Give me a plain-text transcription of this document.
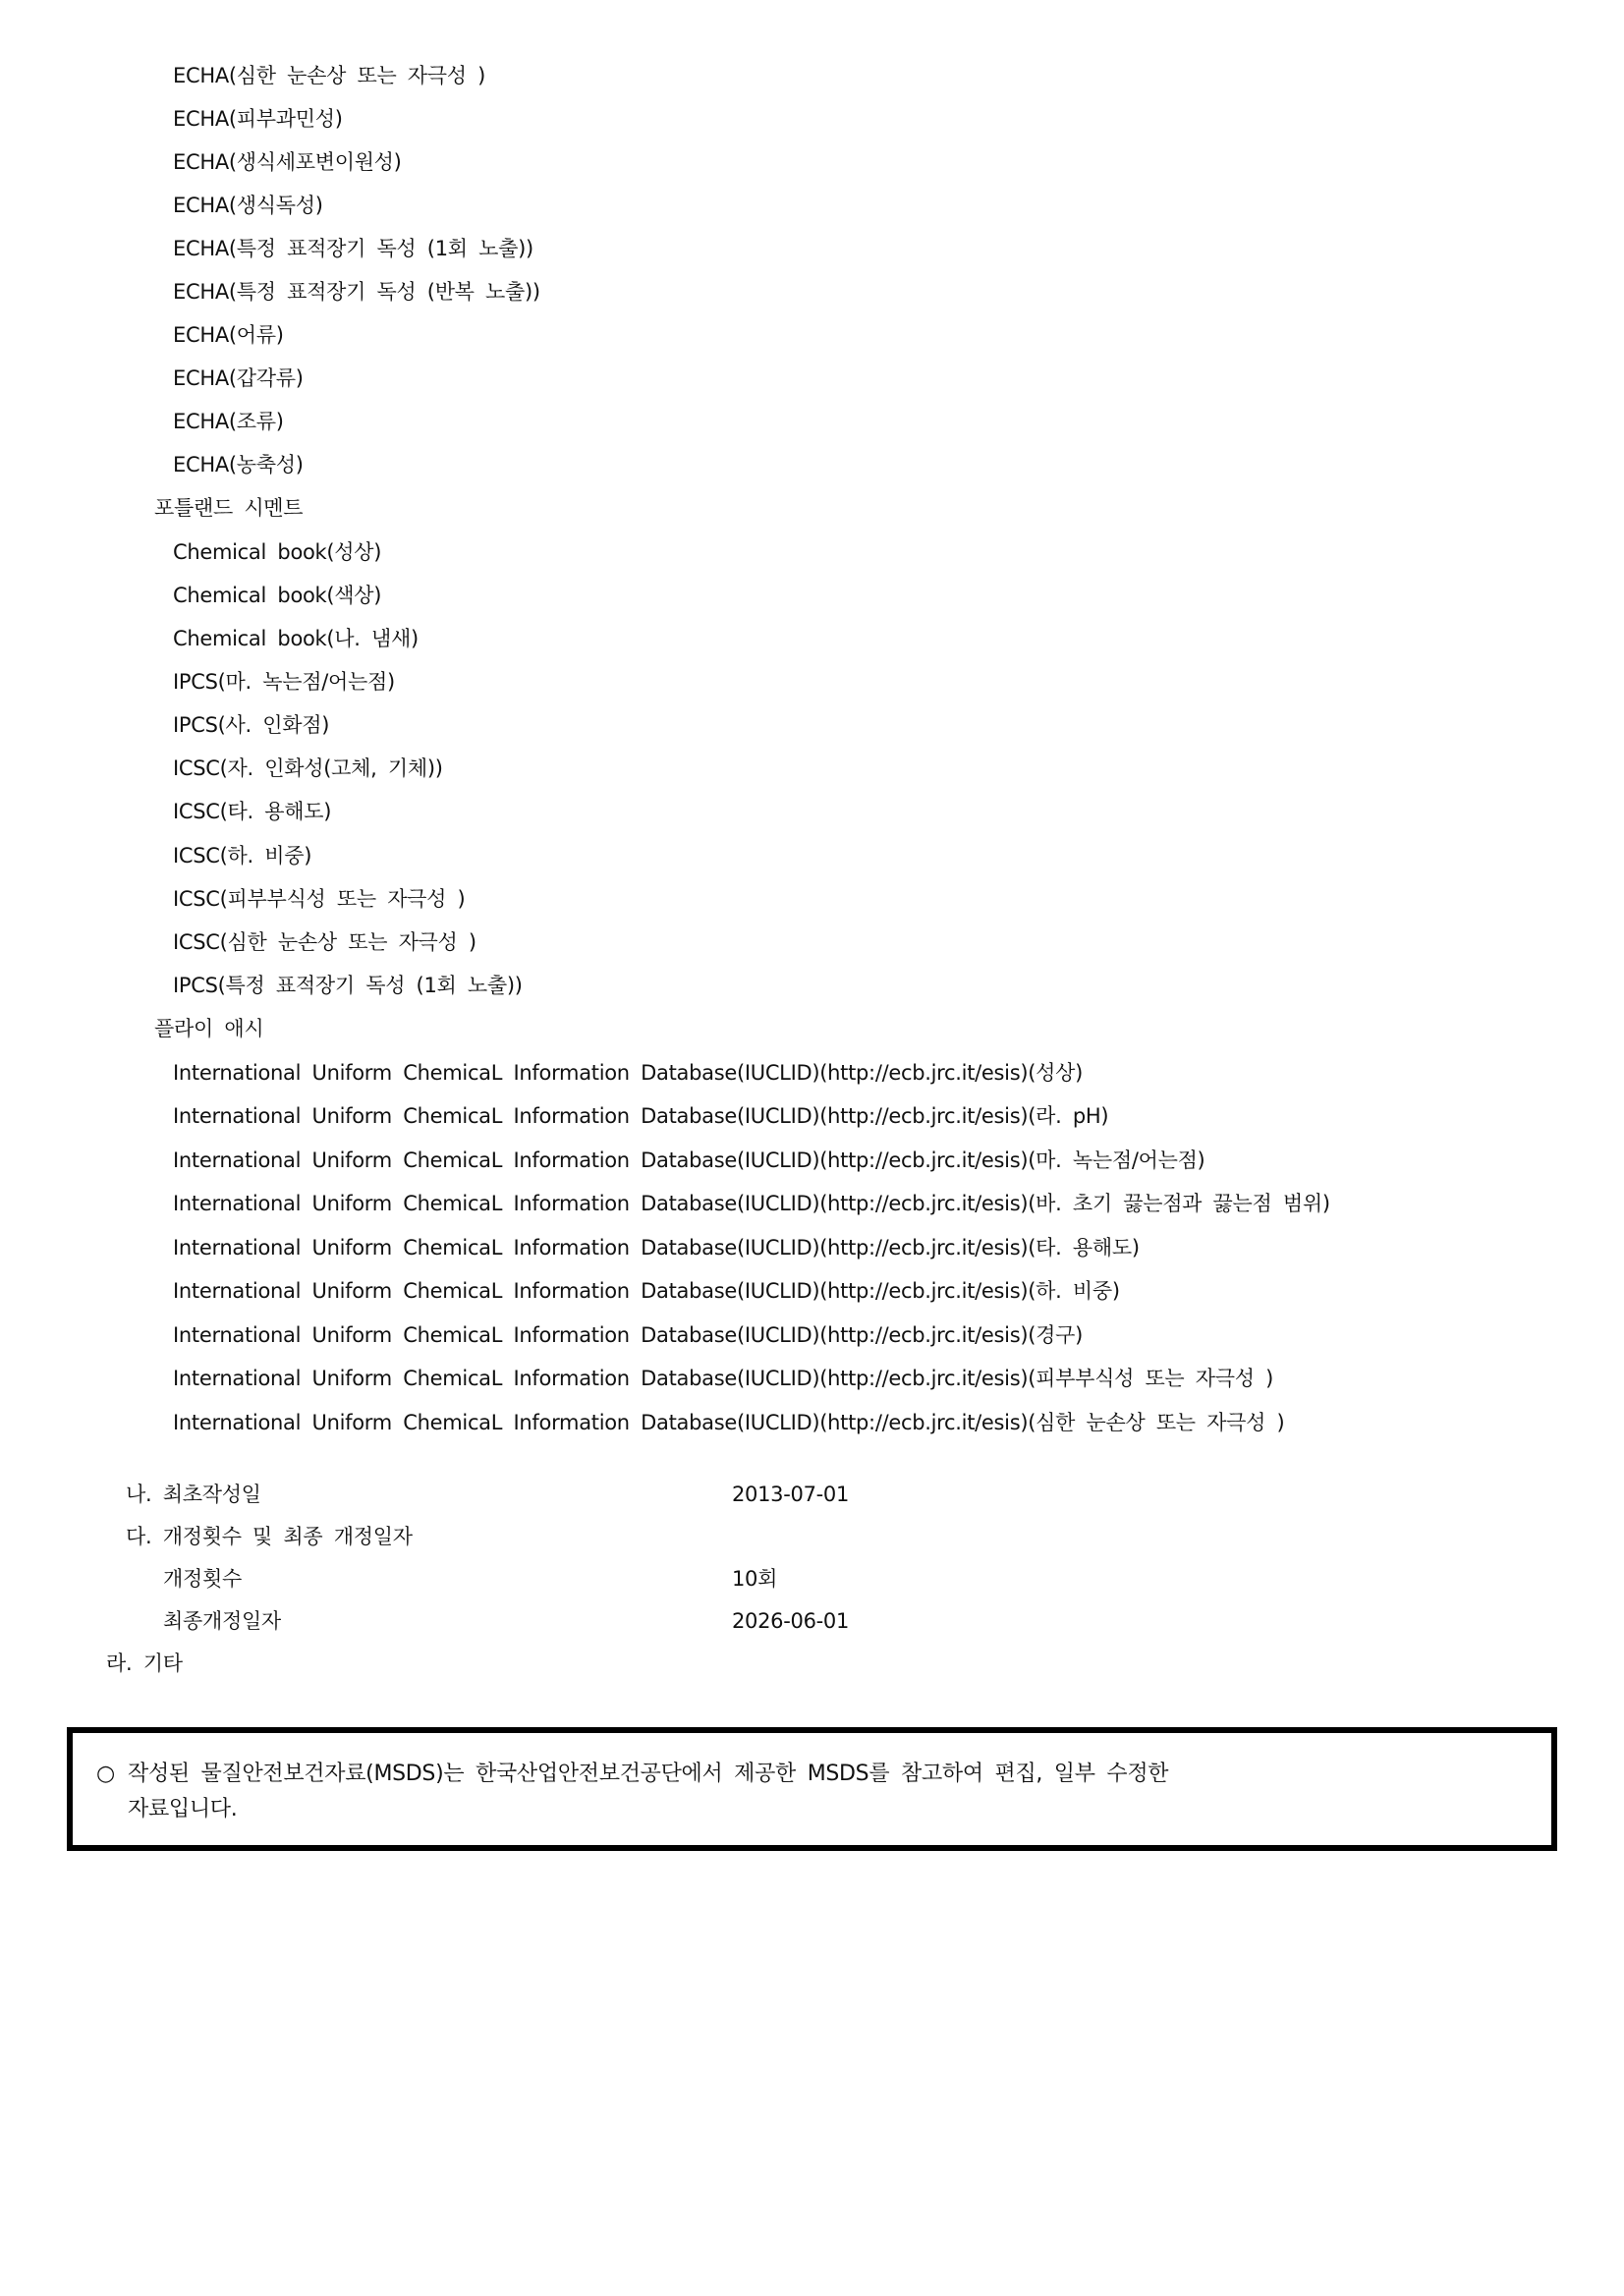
ECHA(심한 눈손상 또는 자극성 )
ECHA(피부과민성)
ECHA(생식세포변이원성)
ECHA(생식독성)
ECHA(특정 표적장기 독성 (1회 노출))
ECHA(특정 표적장기 독성 (반복 노출))
ECHA(어류)
ECHA(갑각류)
ECHA(조류)
ECHA(농축성)
포틀랜드 시멘트
Chemical book(성상)
Chemical book(색상)
Chemical book(나. 냄새)
IPCS(마. 녹는점/어는점)
IPCS(사. 인화점)
ICSC(자. 인화성(고체, 기체))
ICSC(타. 용해도)
ICSC(하. 비중)
ICSC(피부부식성 또는 자극성 )
ICSC(심한 눈손상 또는 자극성 )
IPCS(특정 표적장기 독성 (1회 노출))
플라이 애시
International Uniform ChemicaL Information Database(IUCLID)(http://ecb.jrc.it/esis)(성상)
International Uniform ChemicaL Information Database(IUCLID)(http://ecb.jrc.it/esis)(라. pH)
International Uniform ChemicaL Information Database(IUCLID)(http://ecb.jrc.it/esis)(마. 녹는점/어는점)
International Uniform ChemicaL Information Database(IUCLID)(http://ecb.jrc.it/esis)(바. 초기 끓는점과 끓는점 범위)
International Uniform ChemicaL Information Database(IUCLID)(http://ecb.jrc.it/esis)(타. 용해도)
International Uniform ChemicaL Information Database(IUCLID)(http://ecb.jrc.it/esis)(하. 비중)
International Uniform ChemicaL Information Database(IUCLID)(http://ecb.jrc.it/esis)(경구)
International Uniform ChemicaL Information Database(IUCLID)(http://ecb.jrc.it/esis)(피부부식성 또는 자극성 )
International Uniform ChemicaL Information Database(IUCLID)(http://ecb.jrc.it/esis)(심한 눈손상 또는 자극성 )
나. 최초작성일	2013-07-01
다. 개정횟수 및 최종 개정일자
개정횟수	10회
최종개정일자	2026-06-01
라. 기타
○ 작성된 물질안전보건자료(MSDS)는 한국산업안전보건공단에서 제공한 MSDS를 참고하여 편집, 일부 수정한
자료입니다.
